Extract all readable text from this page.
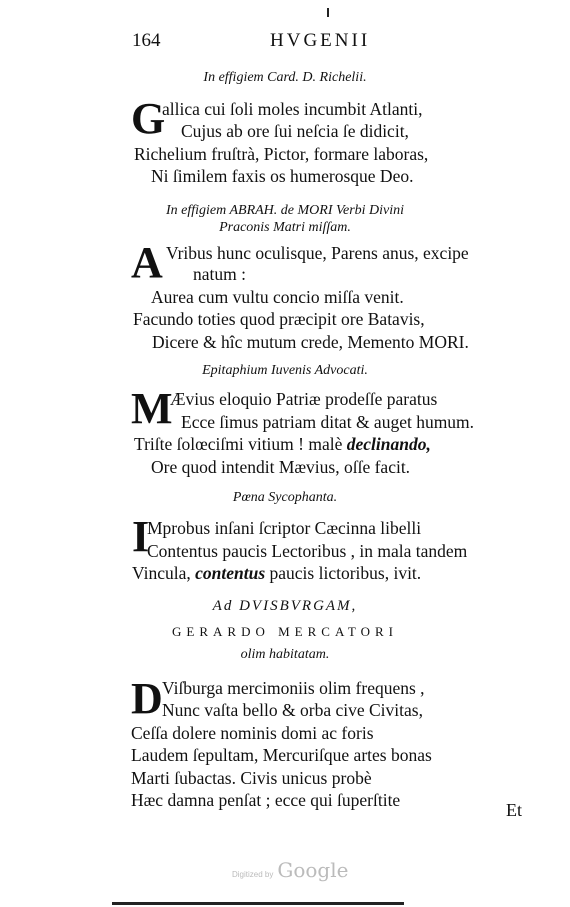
164	HVGENII
In effigiem Card. D. Richelii.
G
allica cui ſoli moles incumbit Atlanti,
Cujus ab ore ſui neſcia ſe didicit,
Richelium fruſtrà, Pictor, formare laboras,
Ni ſimilem faxis os humerosque Deo.
In effigiem ABRAH. de MORI Verbi Divini
Praconis Matri miſſam.
A Vribus hunc oculisque, Parens anus, excipe
natum :
Aurea cum vultu concio miſſa venit.
Facundo toties quod præcipit ore Batavis,
Dicere & hîc mutum crede, Memento MORI.
Epitaphium Iuvenis Advocati.
M
Ævius eloquio Patriæ prodeſſe paratus
Ecce ſimus patriam ditat & auget humum.
Triſte ſolœciſmi vitium ! malè declinando,
Ore quod intendit Mævius, oſſe facit.
Pœna Sycophanta.
I
Mprobus inſani ſcriptor Cæcinna libelli
Contentus paucis Lectoribus , in mala tandem
Vincula, contentus paucis lictoribus, ivit.
Ad DVISBVRGAM,
GERARDO MERCATORI
olim habitatam.
D Viſburga mercimoniis olim frequens ,
Nunc vaſta bello & orba cive Civitas,
Ceſſa dolere nominis domi ac foris
Laudem ſepultam, Mercuriſque artes bonas
Marti ſubactas. Civis unicus probè
Hæc damna penſat ; ecce qui ſuperſtite	Et
Digitized by Google
